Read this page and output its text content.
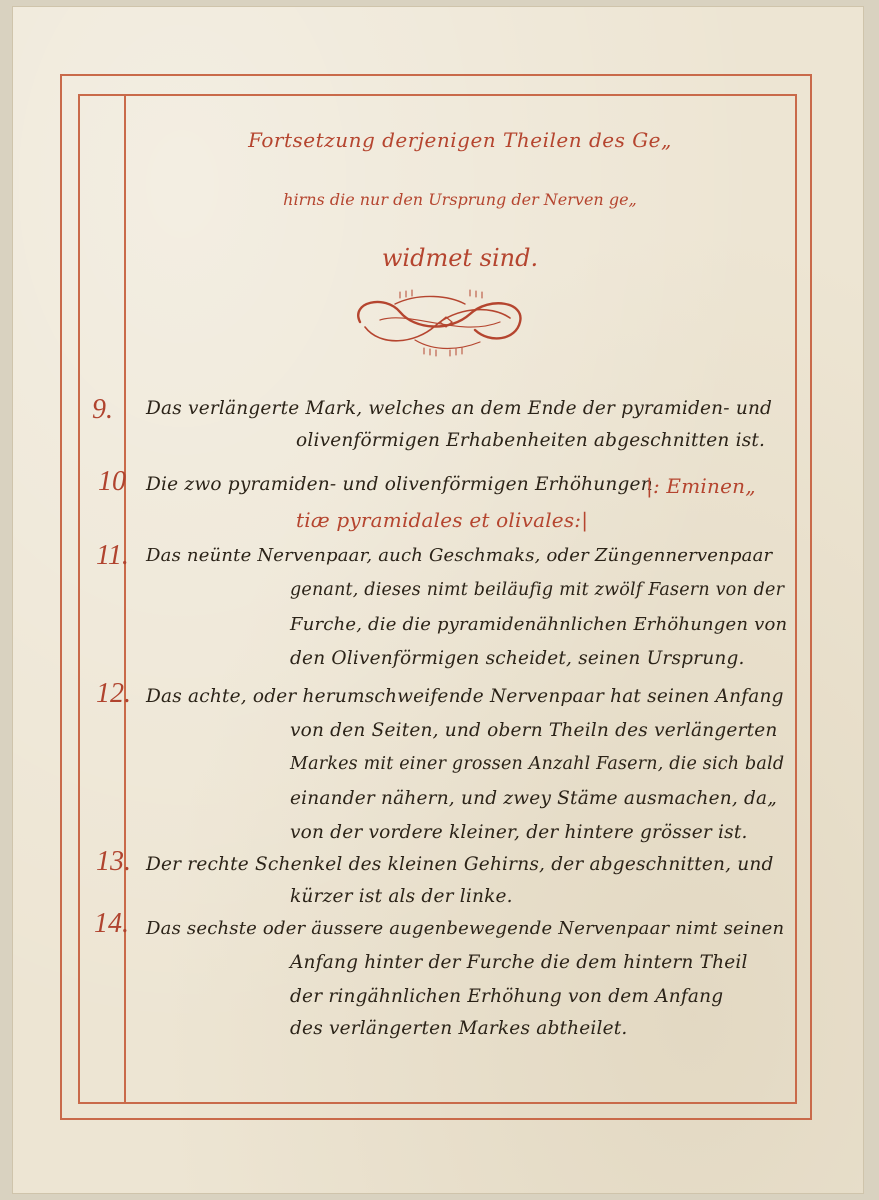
Fortsetzung derjenigen Theilen des Ge„
hirns die nur den Ursprung der Nerven ge„
widmet sind.
9. Das verlängerte Mark, welches an dem Ende der pyramiden- und
olivenförmigen Erhabenheiten abgeschnitten ist.
10 Die zwo pyramiden- und olivenförmigen Erhöhungen
|: Eminen„
tiæ pyramidales et olivales:|
11. Das neünte Nervenpaar, auch Geschmaks, oder Züngennervenpaar
genant, dieses nimt beiläufig mit zwölf Fasern von der
Furche, die die pyramidenähnlichen Erhöhungen von
den Olivenförmigen scheidet, seinen Ursprung.
12. Das achte, oder herumschweifende Nervenpaar hat seinen Anfang
von den Seiten, und obern Theiln des verlängerten
Markes mit einer grossen Anzahl Fasern, die sich bald
einander nähern, und zwey Stäme ausmachen, da„
von der vordere kleiner, der hintere grösser ist.
13. Der rechte Schenkel des kleinen Gehirns, der abgeschnitten, und
kürzer ist als der linke.
14. Das sechste oder äussere augenbewegende Nervenpaar nimt seinen
Anfang hinter der Furche die dem hintern Theil
der ringähnlichen Erhöhung von dem Anfang
des verlängerten Markes abtheilet.
